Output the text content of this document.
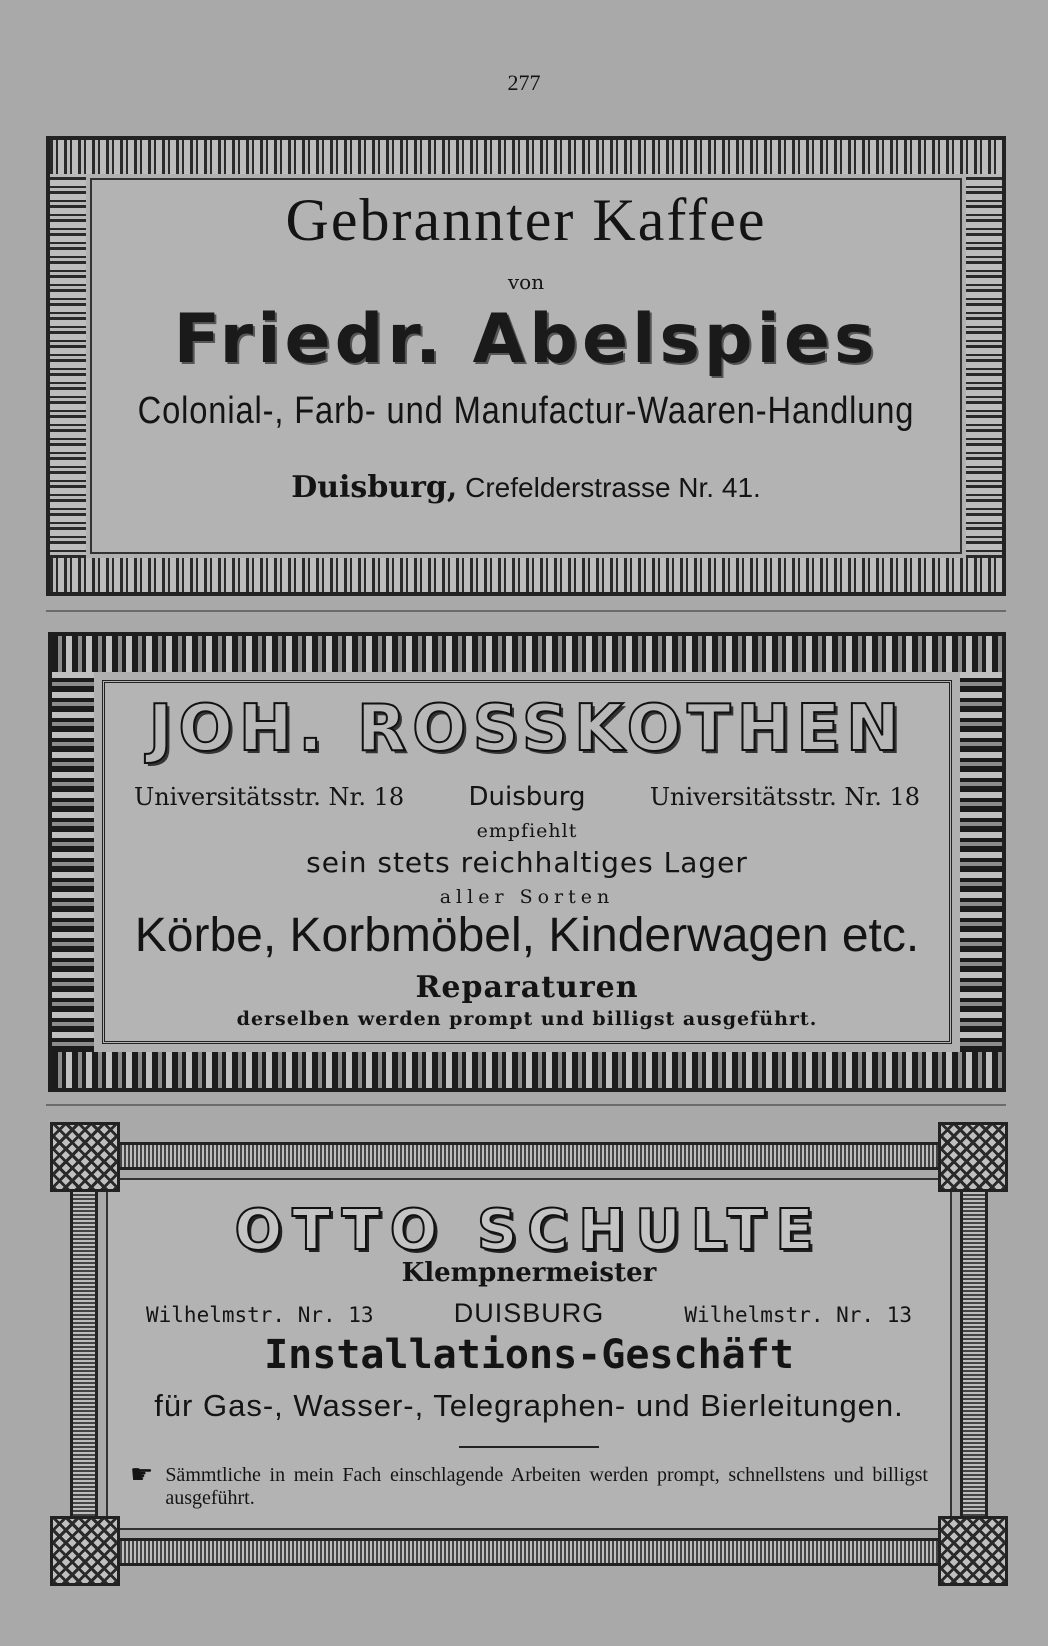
277
Gebrannter Kaffee
von
Friedr. Abelspies
Colonial-, Farb- und Manufactur-Waaren-Handlung
Duisburg, Crefelderstrasse Nr. 41.
JOH. ROSSKOTHEN
Universitätsstr. Nr. 18 Duisburg	Universitätsstr. Nr. 18
empfiehlt
sein stets reichhaltiges Lager
aller Sorten
Körbe, Korbmöbel, Kinderwagen etc.
Reparaturen
derselben werden prompt und billigst ausgeführt.
OTTO SCHULTE
Klempnermeister
Wilhelmstr. Nr. 13	DUISBURG	Wilhelmstr. Nr. 13
Installations-Geschäft
für Gas-, Wasser-, Telegraphen- und Bierleitungen.
☛ Sämmtliche in mein Fach einschlagende Arbeiten werden prompt, schnellstens und billigst ausgeführt.
